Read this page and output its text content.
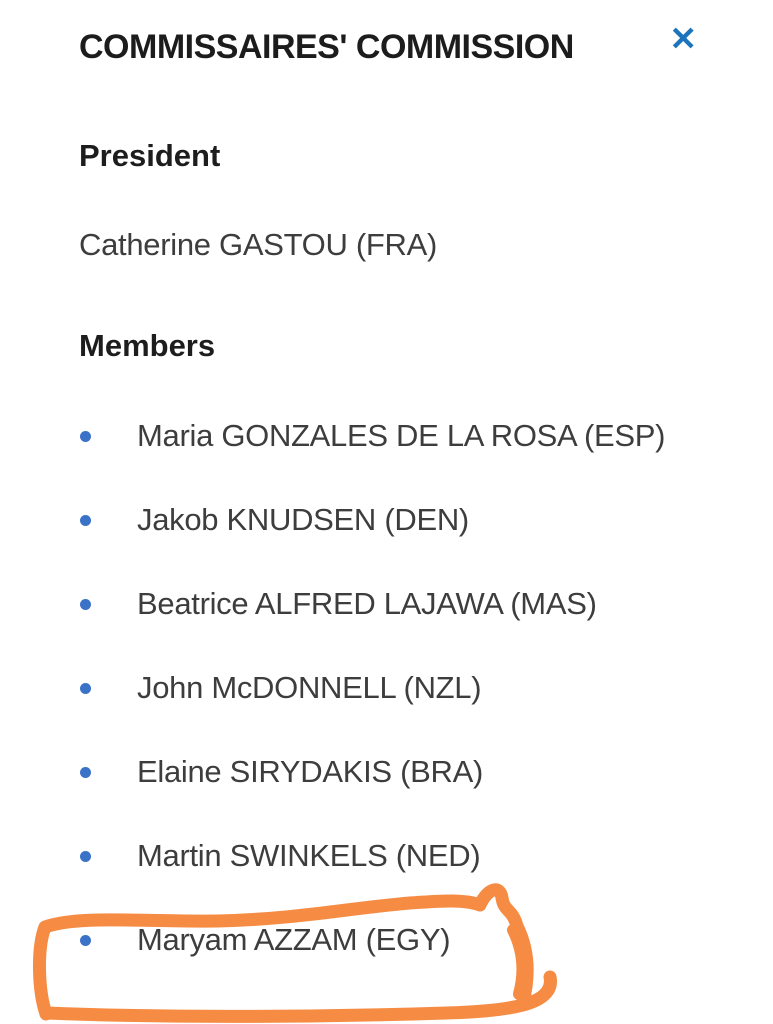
COMMISSAIRES' COMMISSION	✕
President

Catherine GASTOU (FRA)

Members
Maria GONZALES DE LA ROSA (ESP)
Jakob KNUDSEN (DEN)
Beatrice ALFRED LAJAWA (MAS)
John McDONNELL (NZL)
Elaine SIRYDAKIS (BRA)
Martin SWINKELS (NED)
Maryam AZZAM (EGY)
